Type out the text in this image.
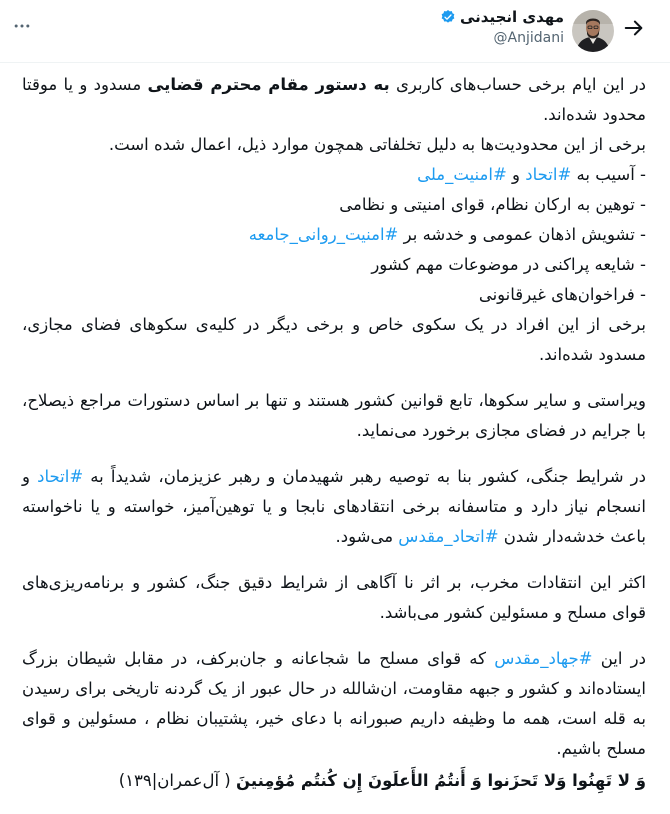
مهدی انجیدنی
@Anjidani

در این ایام برخی حساب‌های کاربری به دستور مقام محترم قضایی مسدود و یا موقتا محدود شده‌اند.

برخی از این محدودیت‌ها به دلیل تخلفاتی همچون موارد ذیل، اعمال شده است.
- آسیب به #اتحاد و #امنیت_ملی
- توهین به ارکان نظام، قوای امنیتی و نظامی
- تشویش اذهان عمومی و خدشه بر #امنیت_روانی_جامعه
- شایعه پراکنی در موضوعات مهم کشور
- فراخوان‌های غیرقانونی
برخی از این افراد در یک سکوی خاص و برخی دیگر در کلیه‌ی سکوهای فضای مجازی، مسدود شده‌اند.

ویراستی و سایر سکوها، تابع قوانین کشور هستند و تنها بر اساس دستورات مراجع ذیصلاح، با جرایم در فضای مجازی برخورد می‌نماید.

در شرایط جنگی، کشور بنا به توصیه رهبر شهیدمان و رهبر عزیزمان، شدیداً به #اتحاد و انسجام نیاز دارد و متاسفانه برخی انتقادهای نابجا و یا توهین‌آمیز، خواسته و یا ناخواسته باعث خدشه‌دار شدن #اتحاد_مقدس می‌شود.

اکثر این انتقادات مخرب، بر اثر نا آگاهی از شرایط دقیق جنگ، کشور و برنامه‌ریزی‌های قوای مسلح و مسئولین کشور می‌باشد.

در این #جهاد_مقدس که قوای مسلح ما شجاعانه و جان‌برکف، در مقابل شیطان بزرگ ایستاده‌اند و کشور و جبهه مقاومت، ان‌شالله در حال عبور از یک گردنه تاریخی برای رسیدن به قله است، همه ما وظیفه داریم صبورانه با دعای خیر، پشتیبان نظام ، مسئولین و قوای مسلح باشیم.

وَ لا تَهِنُوا وَلا تَحزَنوا وَ أَنتُمُ الأَعلَونَ إِن كُنتُم مُؤمِنينَ ( آل‌عمران|۱۳۹)
